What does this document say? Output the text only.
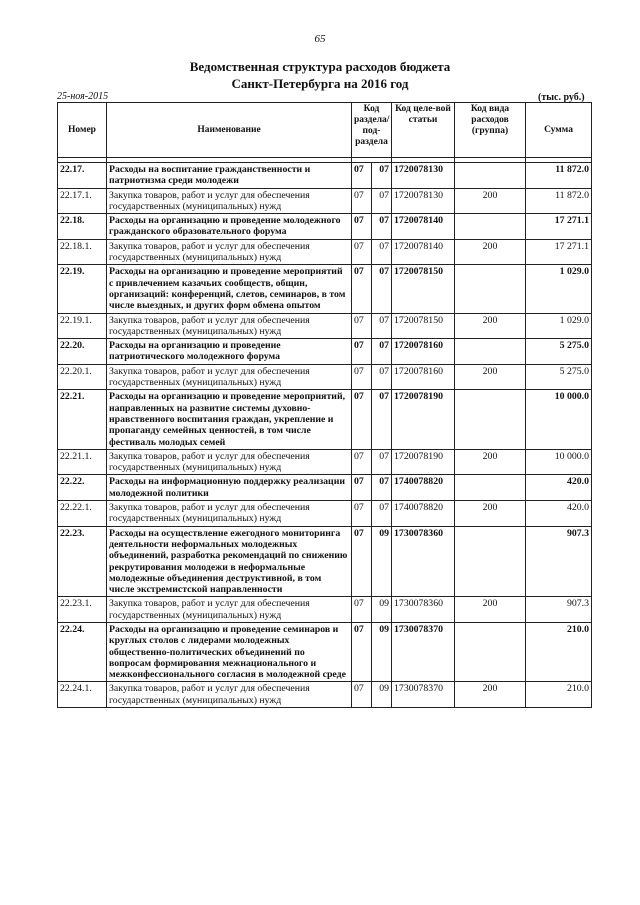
65
Ведомственная структура расходов бюджета
Санкт-Петербурга на 2016 год
25-ноя-2015	(тыс. руб.)
Номер	Наименование	Код раздела/ под-раздела		Код целе-вой статьи	Код вида расходов (группа)	Сумма

22.17.	Расходы на воспитание гражданственности и патриотизма среди молодежи	07	07	1720078130		11 872.0
22.17.1.	Закупка товаров, работ и услуг для обеспечения государственных (муниципальных) нужд	07	07	1720078130	200	11 872.0
22.18.	Расходы на организацию и проведение молодежного гражданского образовательного форума	07	07	1720078140		17 271.1
22.18.1.	Закупка товаров, работ и услуг для обеспечения государственных (муниципальных) нужд	07	07	1720078140	200	17 271.1
22.19.	Расходы на организацию и проведение мероприятий с привлечением казачьих сообществ, общин, организаций: конференций, слетов, семинаров, в том числе выездных, и других форм обмена опытом	07	07	1720078150		1 029.0
22.19.1.	Закупка товаров, работ и услуг для обеспечения государственных (муниципальных) нужд	07	07	1720078150	200	1 029.0
22.20.	Расходы на организацию и проведение патриотического молодежного форума	07	07	1720078160		5 275.0
22.20.1.	Закупка товаров, работ и услуг для обеспечения государственных (муниципальных) нужд	07	07	1720078160	200	5 275.0
22.21.	Расходы на организацию и проведение мероприятий, направленных на развитие системы духовно-нравственного воспитания граждан, укрепление и пропаганду семейных ценностей, в том числе фестиваль молодых семей	07	07	1720078190		10 000.0
22.21.1.	Закупка товаров, работ и услуг для обеспечения государственных (муниципальных) нужд	07	07	1720078190	200	10 000.0
22.22.	Расходы на информационную поддержку реализации молодежной политики	07	07	1740078820		420.0
22.22.1.	Закупка товаров, работ и услуг для обеспечения государственных (муниципальных) нужд	07	07	1740078820	200	420.0
22.23.	Расходы на осуществление ежегодного мониторинга деятельности неформальных молодежных объединений, разработка рекомендаций по снижению рекрутирования молодежи в неформальные молодежные объединения деструктивной, в том числе экстремистской направленности	07	09	1730078360		907.3
22.23.1.	Закупка товаров, работ и услуг для обеспечения государственных (муниципальных) нужд	07	09	1730078360	200	907.3
22.24.	Расходы на организацию и проведение семинаров и круглых столов с лидерами молодежных общественно-политических объединений по вопросам формирования межнационального и межконфессионального согласия в молодежной среде	07	09	1730078370		210.0
22.24.1.	Закупка товаров, работ и услуг для обеспечения государственных (муниципальных) нужд	07	09	1730078370	200	210.0
